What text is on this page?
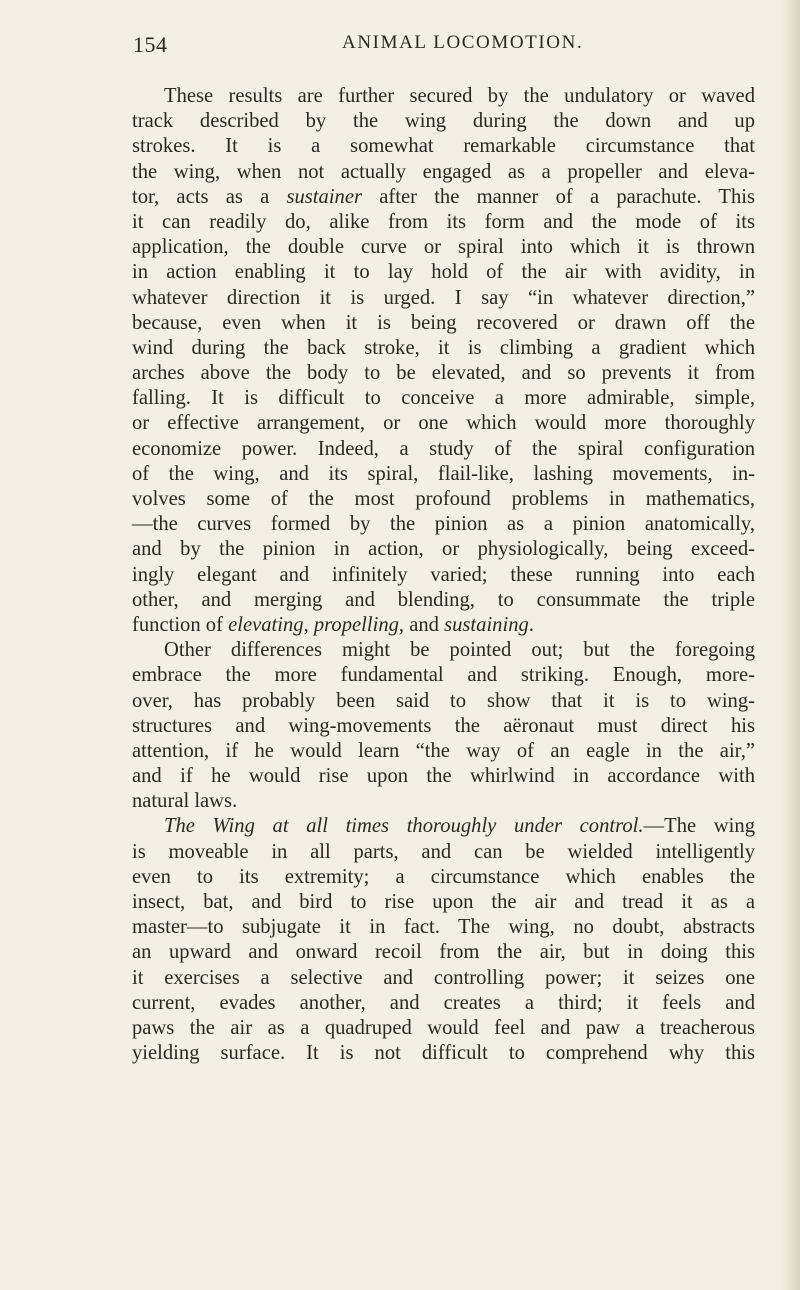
154	ANIMAL LOCOMOTION.
These results are further secured by the undulatory or waved
track described by the wing during the down and up
strokes. It is a somewhat remarkable circumstance that
the wing, when not actually engaged as a propeller and eleva-
tor, acts as a sustainer after the manner of a parachute. This
it can readily do, alike from its form and the mode of its
application, the double curve or spiral into which it is thrown
in action enabling it to lay hold of the air with avidity, in
whatever direction it is urged. I say “in whatever direction,”
because, even when it is being recovered or drawn off the
wind during the back stroke, it is climbing a gradient which
arches above the body to be elevated, and so prevents it from
falling. It is difficult to conceive a more admirable, simple,
or effective arrangement, or one which would more thoroughly
economize power. Indeed, a study of the spiral configuration
of the wing, and its spiral, flail-like, lashing movements, in-
volves some of the most profound problems in mathematics,
—the curves formed by the pinion as a pinion anatomically,
and by the pinion in action, or physiologically, being exceed-
ingly elegant and infinitely varied; these running into each
other, and merging and blending, to consummate the triple
function of elevating, propelling, and sustaining.
Other differences might be pointed out; but the foregoing
embrace the more fundamental and striking. Enough, more-
over, has probably been said to show that it is to wing-
structures and wing-movements the aëronaut must direct his
attention, if he would learn “the way of an eagle in the air,”
and if he would rise upon the whirlwind in accordance with
natural laws.
The Wing at all times thoroughly under control.—The wing
is moveable in all parts, and can be wielded intelligently
even to its extremity; a circumstance which enables the
insect, bat, and bird to rise upon the air and tread it as a
master—to subjugate it in fact. The wing, no doubt, abstracts
an upward and onward recoil from the air, but in doing this
it exercises a selective and controlling power; it seizes one
current, evades another, and creates a third; it feels and
paws the air as a quadruped would feel and paw a treacherous
yielding surface. It is not difficult to comprehend why this
